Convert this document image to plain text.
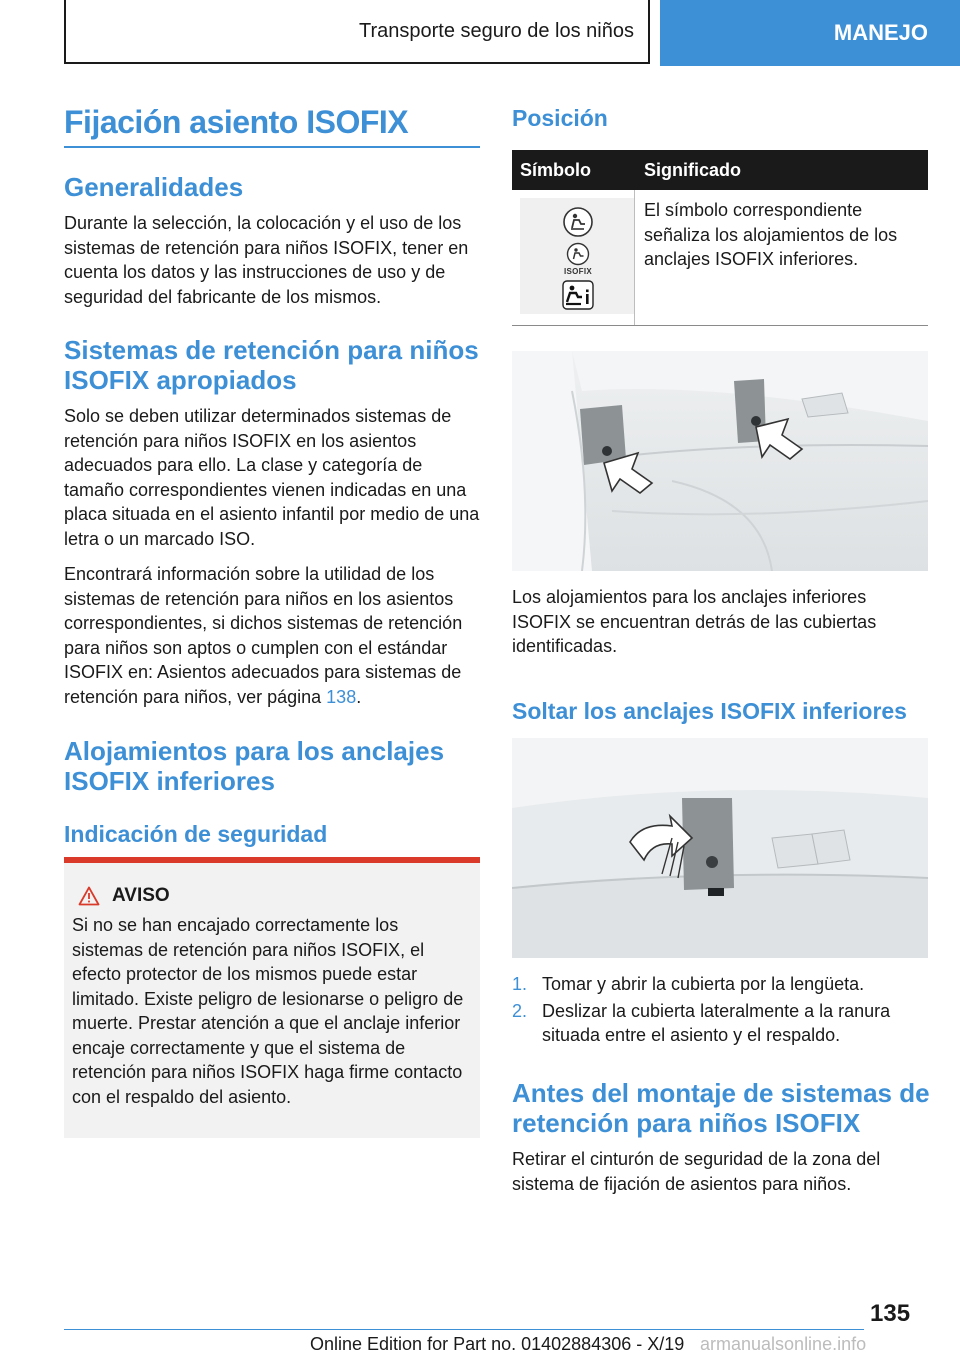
Transporte seguro de los niños	MANEJO
Fijación asiento ISOFIX
Generalidades
Durante la selección, la colocación y el uso de los sistemas de retención para niños ISOFIX, tener en cuenta los datos y las instrucciones de uso y de seguridad del fabricante de los mismos.
Sistemas de retención para niños ISOFIX apropiados
Solo se deben utilizar determinados sistemas de retención para niños ISOFIX en los asientos adecuados para ello. La clase y categoría de tamaño correspondientes vienen indicadas en una placa situada en el asiento infantil por medio de una letra o un marcado ISO.
Encontrará información sobre la utilidad de los sistemas de retención para niños en los asientos correspondientes, si dichos sistemas de retención para niños son aptos o cumplen con el estándar ISOFIX en: Asientos adecuados para sistemas de retención para niños, ver página 138.
Alojamientos para los anclajes ISOFIX inferiores
Indicación de seguridad
AVISO
Si no se han encajado correctamente los sistemas de retención para niños ISOFIX, el efecto protector de los mismos puede estar limitado. Existe peligro de lesionarse o peligro de muerte. Prestar atención a que el anclaje inferior encaje correctamente y que el sistema de retención para niños ISOFIX haga firme contacto con el respaldo del asiento.
Posición
Símbolo	Significado
ISOFIX
El símbolo correspondiente señaliza los alojamientos de los anclajes ISOFIX inferiores.
Los alojamientos para los anclajes inferiores ISOFIX se encuentran detrás de las cubiertas identificadas.
Soltar los anclajes ISOFIX inferiores
1. Tomar y abrir la cubierta por la lengüeta.
2. Deslizar la cubierta lateralmente a la ranura situada entre el asiento y el respaldo.
Antes del montaje de sistemas de retención para niños ISOFIX
Retirar el cinturón de seguridad de la zona del sistema de fijación de asientos para niños.
135
Online Edition for Part no. 01402884306 - X/19 armanualsonline.info
